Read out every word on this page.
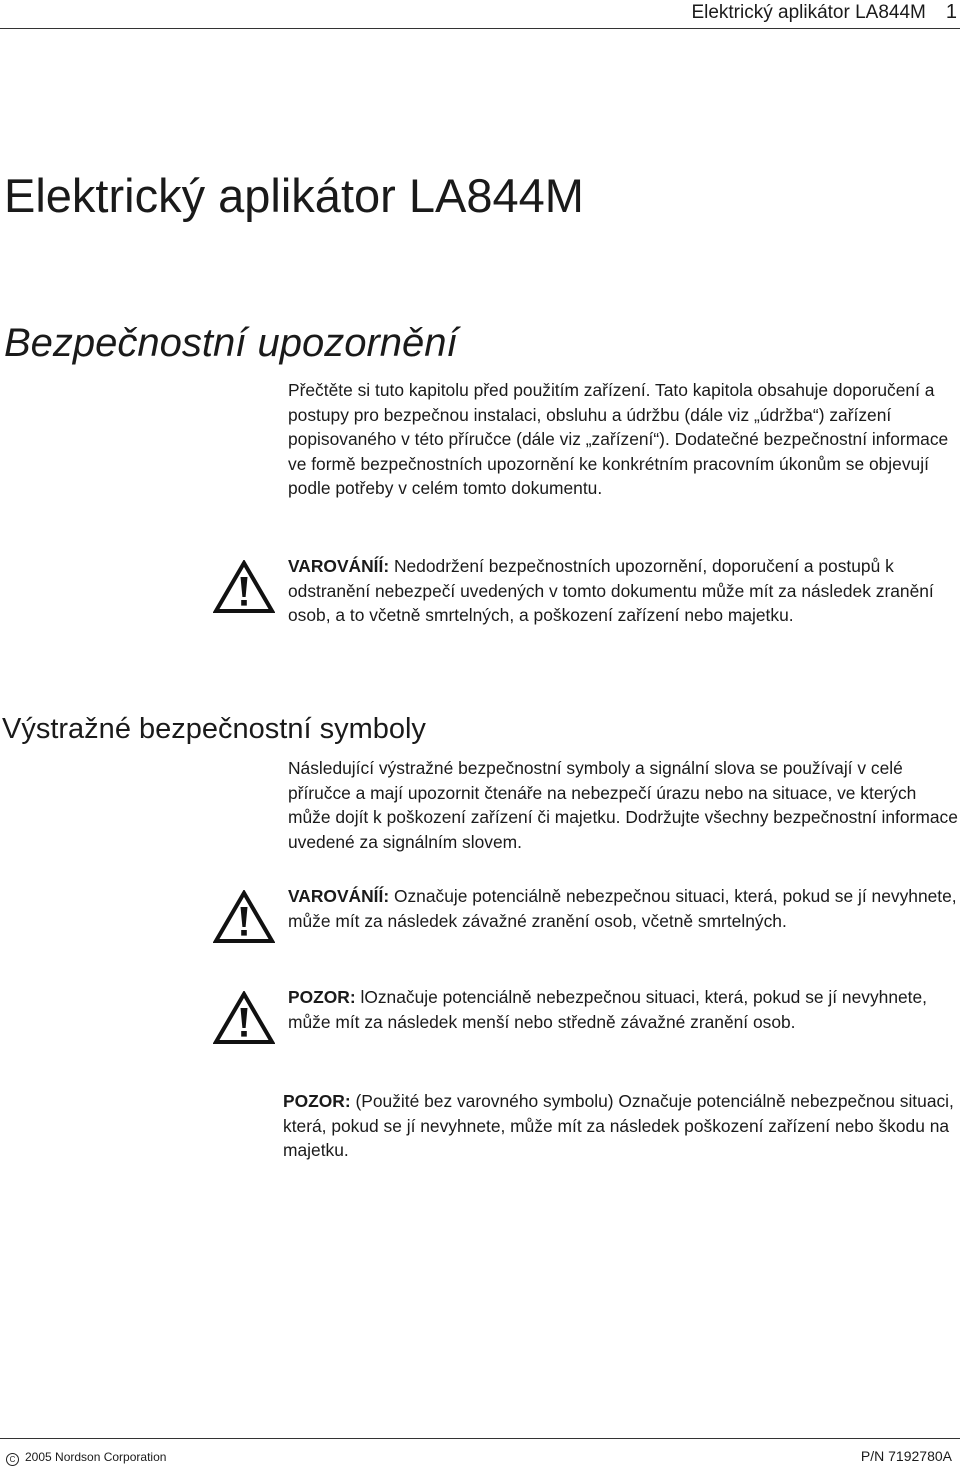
Elektrický aplikátor LA844M 1
Elektrický aplikátor LA844M
Bezpečnostní upozornění

Přečtěte si tuto kapitolu před použitím zařízení. Tato kapitola obsahuje doporučení a postupy pro bezpečnou instalaci, obsluhu a údržbu (dále viz „údržba“) zařízení popisovaného v této příručce (dále viz „zařízení“). Dodatečné bezpečnostní informace ve formě bezpečnostních upozornění ke konkrétním pracovním úkonům se objevují podle potřeby v celém tomto dokumentu.

VAROVÁNÍÍ: Nedodržení bezpečnostních upozornění, doporučení a postupů k odstranění nebezpečí uvedených v tomto dokumentu může mít za následek zranění osob, a to včetně smrtelných, a poškození zařízení nebo majetku.

Výstražné bezpečnostní symboly

Následující výstražné bezpečnostní symboly a signální slova se používají v celé příručce a mají upozornit čtenáře na nebezpečí úrazu nebo na situace, ve kterých může dojít k poškození zařízení či majetku. Dodržujte všechny bezpečnostní informace uvedené za signálním slovem.

VAROVÁNÍÍ: Označuje potenciálně nebezpečnou situaci, která, pokud se jí nevyhnete, může mít za následek závažné zranění osob, včetně smrtelných.

POZOR: lOznačuje potenciálně nebezpečnou situaci, která, pokud se jí nevyhnete, může mít za následek menší nebo středně závažné zranění osob.

POZOR: (Použité bez varovného symbolu) Označuje potenciálně nebezpečnou situaci, která, pokud se jí nevyhnete, může mít za následek poškození zařízení nebo škodu na majetku.

C 2005 Nordson Corporation	P/N 7192780A
